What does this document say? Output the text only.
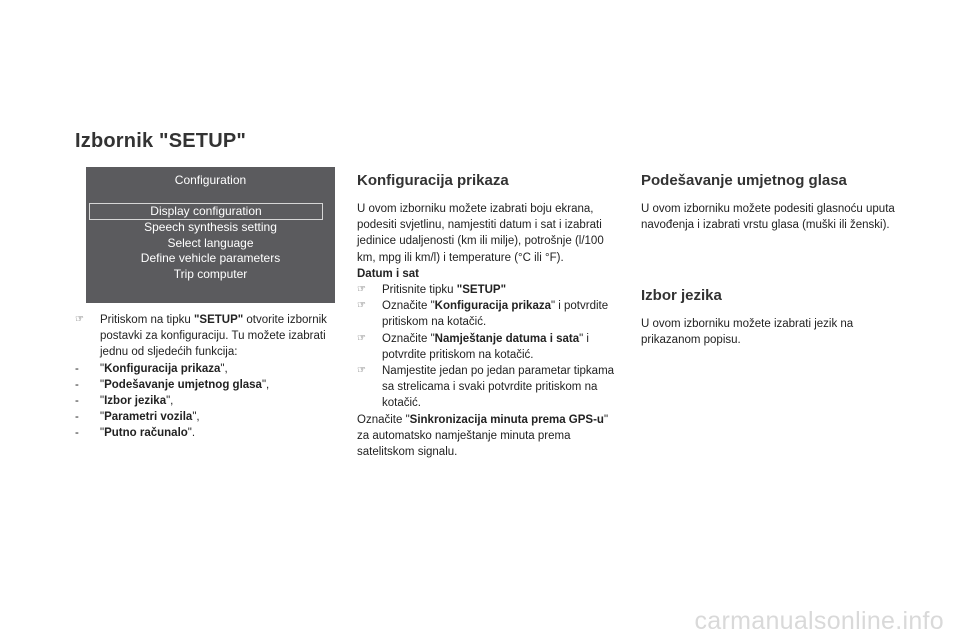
Izbornik "SETUP"
Configuration
Display configuration
Speech synthesis setting
Select language
Define vehicle parameters
Trip computer
☞ Pritiskom na tipku "SETUP" otvorite izbornik postavki za konfiguraciju. Tu možete izabrati jednu od sljedećih funkcija:
- "Konfiguracija prikaza",
- "Podešavanje umjetnog glasa",
- "Izbor jezika",
- "Parametri vozila",
- "Putno računalo".
Konfiguracija prikaza

U ovom izborniku možete izabrati boju ekrana, podesiti svjetlinu, namjestiti datum i sat i izabrati jedinice udaljenosti (km ili milje), potrošnje (l/100 km, mpg ili km/l) i temperature (°C ili °F).

Datum i sat

☞ Pritisnite tipku "SETUP"
☞ Označite "Konfiguracija prikaza" i potvrdite pritiskom na kotačić.
☞ Označite "Namještanje datuma i sata" i potvrdite pritiskom na kotačić.
☞ Namjestite jedan po jedan parametar tipkama sa strelicama i svaki potvrdite pritiskom na kotačić.

Označite "Sinkronizacija minuta prema GPS-u" za automatsko namještanje minuta prema satelitskom signalu.

Podešavanje umjetnog glasa

U ovom izborniku možete podesiti glasnoću uputa navođenja i izabrati vrstu glasa (muški ili ženski).

Izbor jezika

U ovom izborniku možete izabrati jezik na prikazanom popisu.

carmanualsonline.info
